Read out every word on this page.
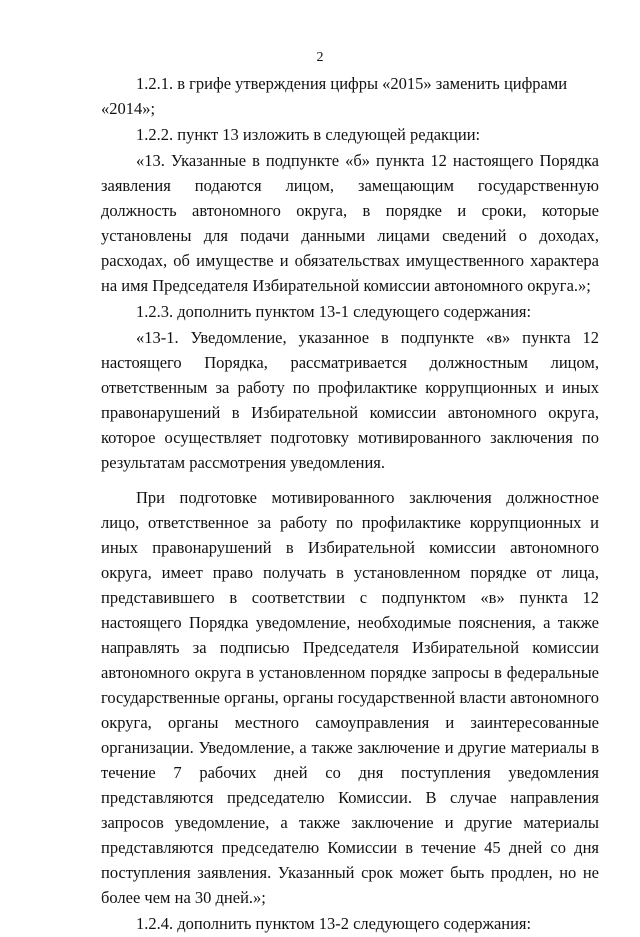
2

1.2.1. в грифе утверждения цифры «2015» заменить цифрами «2014»;

1.2.2. пункт 13 изложить в следующей редакции:

«13. Указанные в подпункте «б» пункта 12 настоящего Порядка заявления подаются лицом, замещающим государственную должность автономного округа, в порядке и сроки, которые установлены для подачи данными лицами сведений о доходах, расходах, об имуществе и обязательствах имущественного характера на имя Председателя Избирательной комиссии автономного округа.»;

1.2.3. дополнить пунктом 13-1 следующего содержания:

«13-1. Уведомление, указанное в подпункте «в» пункта 12 настоящего Порядка, рассматривается должностным лицом, ответственным за работу по профилактике коррупционных и иных правонарушений в Избирательной комиссии автономного округа, которое осуществляет подготовку мотивированного заключения по результатам рассмотрения уведомления.

При подготовке мотивированного заключения должностное лицо, ответственное за работу по профилактике коррупционных и иных правонарушений в Избирательной комиссии автономного округа, имеет право получать в установленном порядке от лица, представившего в соответствии с подпунктом «в» пункта 12 настоящего Порядка уведомление, необходимые пояснения, а также направлять за подписью Председателя Избирательной комиссии автономного округа в установленном порядке запросы в федеральные государственные органы, органы государственной власти автономного округа, органы местного самоуправления и заинтересованные организации. Уведомление, а также заключение и другие материалы в течение 7 рабочих дней со дня поступления уведомления представляются председателю Комиссии. В случае направления запросов уведомление, а также заключение и другие материалы представляются председателю Комиссии в течение 45 дней со дня поступления заявления. Указанный срок может быть продлен, но не более чем на 30 дней.»;

1.2.4. дополнить пунктом 13-2 следующего содержания:
